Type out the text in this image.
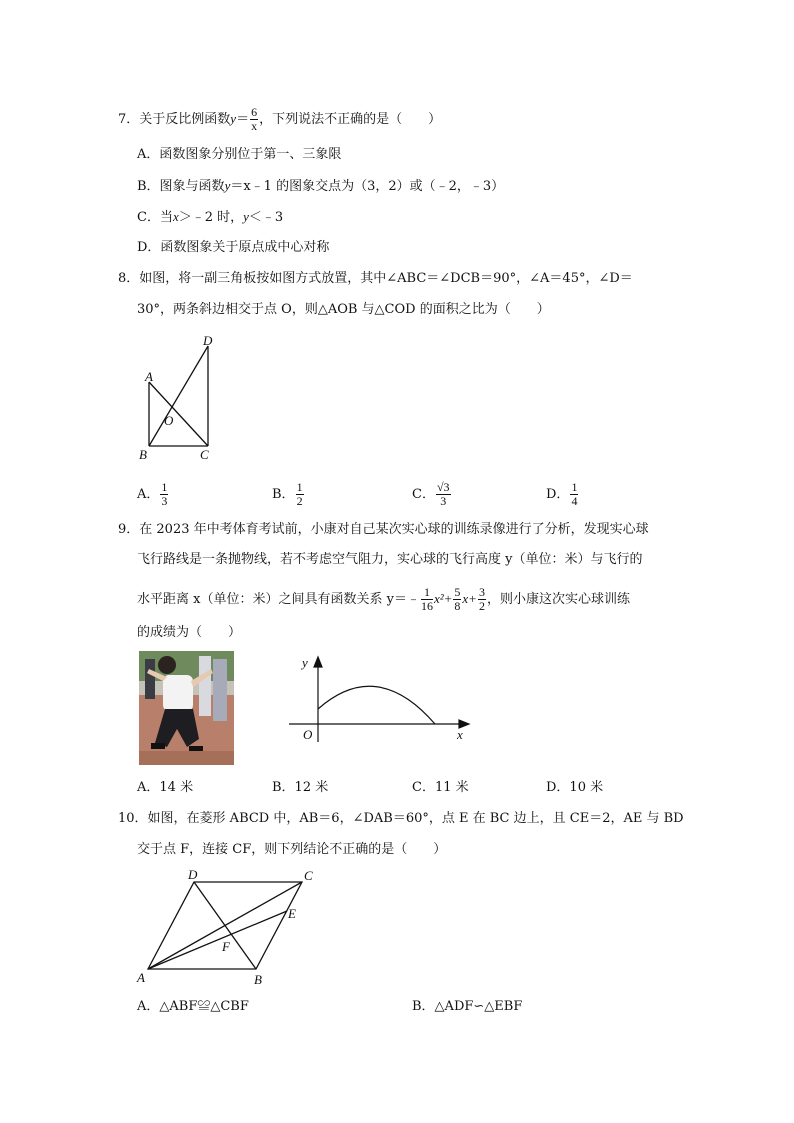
7．关于反比例函数$y= \frac{6}{x}$ ，下列说法不正确的是（　　）
A．函数图象分别位于第一、三象限
B．图象与函数y＝x﹣1 的图象交点为（3，2）或（﹣2，﹣3）
C．当x＞﹣2 时，y＜﹣3
D．函数图象关于原点成中心对称
8．如图，将一副三角板按如图方式放置，其中∠ABC＝∠DCB＝90°，∠A＝45°，∠D＝
30°，两条斜边相交于点 O，则△AOB 与△COD 的面积之比为（　　）
D
A
O
B	C
A． $\frac{1}{3}$	B． $\frac{1}{2}$	C． $\frac{√3}{3}$	D． $\frac{1}{4}$
9．在 2023 年中考体育考试前，小康对自己某次实心球的训练录像进行了分析，发现实心球
飞行路线是一条抛物线，若不考虑空气阻力，实心球的飞行高度 y（单位：米）与飞行的
水平距离 x（单位：米）之间具有函数关系 y＝﹣ $\frac{1}{16} x^2+ \frac{5}{8} x+ \frac{3}{2}$ ，则小康这次实心球训练
的成绩为（　　）
y
x
O
A．14 米	B．12 米	C．11 米	D．10 米
10．如图，在菱形 ABCD 中，AB＝6，∠DAB＝60°，点 E 在 BC 边上，且 CE＝2，AE 与 BD
交于点 F，连接 CF，则下列结论不正确的是（　　）
D	C
E
F
A	B
A．△ABF≌△CBF	B．△ADF∽△EBF
